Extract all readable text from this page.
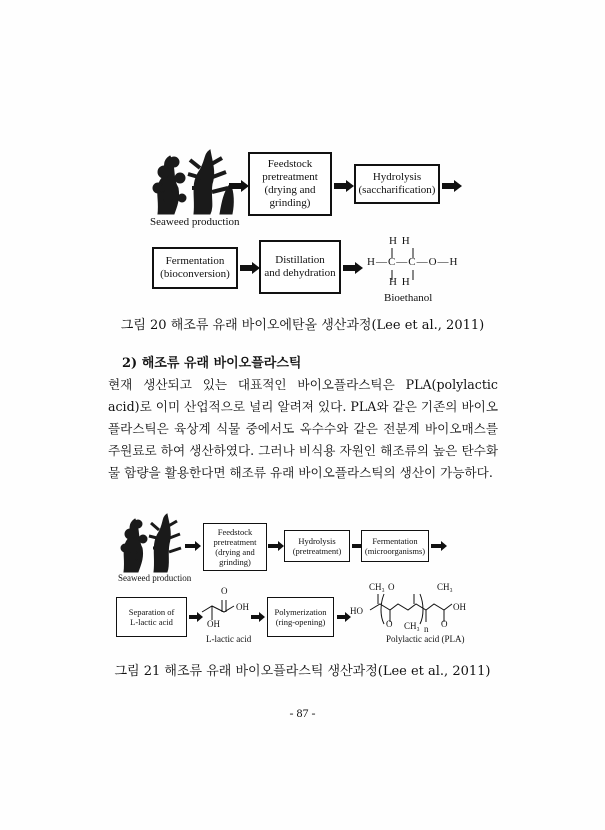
Seaweed production
Feedstock
pretreatment
(drying and
grinding)
Hydrolysis
(saccharification)
Fermentation
(bioconversion)
Distillation
and dehydration
H H
H—C—C—O—H
H H
Bioethanol
그림 20 해조류 유래 바이오에탄올 생산과정(Lee et al., 2011)
2) 해조류 유래 바이오플라스틱
현재 생산되고 있는 대표적인 바이오플라스틱은 PLA(polylactic acid)로 이미 산업적으로 널리 알려져 있다. PLA와 같은 기존의 바이오플라스틱은 육상계 식물 중에서도 옥수수와 같은 전분계 바이오매스를 주원료로 하여 생산하였다. 그러나 비식용 자원인 해조류의 높은 탄수화물 함량을 활용한다면 해조류 유래 바이오플라스틱의 생산이 가능하다.
Seaweed production
Feedstock
pretreatment
(drying and
grinding)
Hydrolysis
(pretreatment)
Fermentation
(microorganisms)
Separation of
L-lactic acid
O
OH
OH
L-lactic acid
Polymerization
(ring-opening)
HO
CH₃ O	CH₃
OH
O CH₃ O
n
Polylactic acid (PLA)
그림 21 해조류 유래 바이오플라스틱 생산과정(Lee et al., 2011)
- 87 -
